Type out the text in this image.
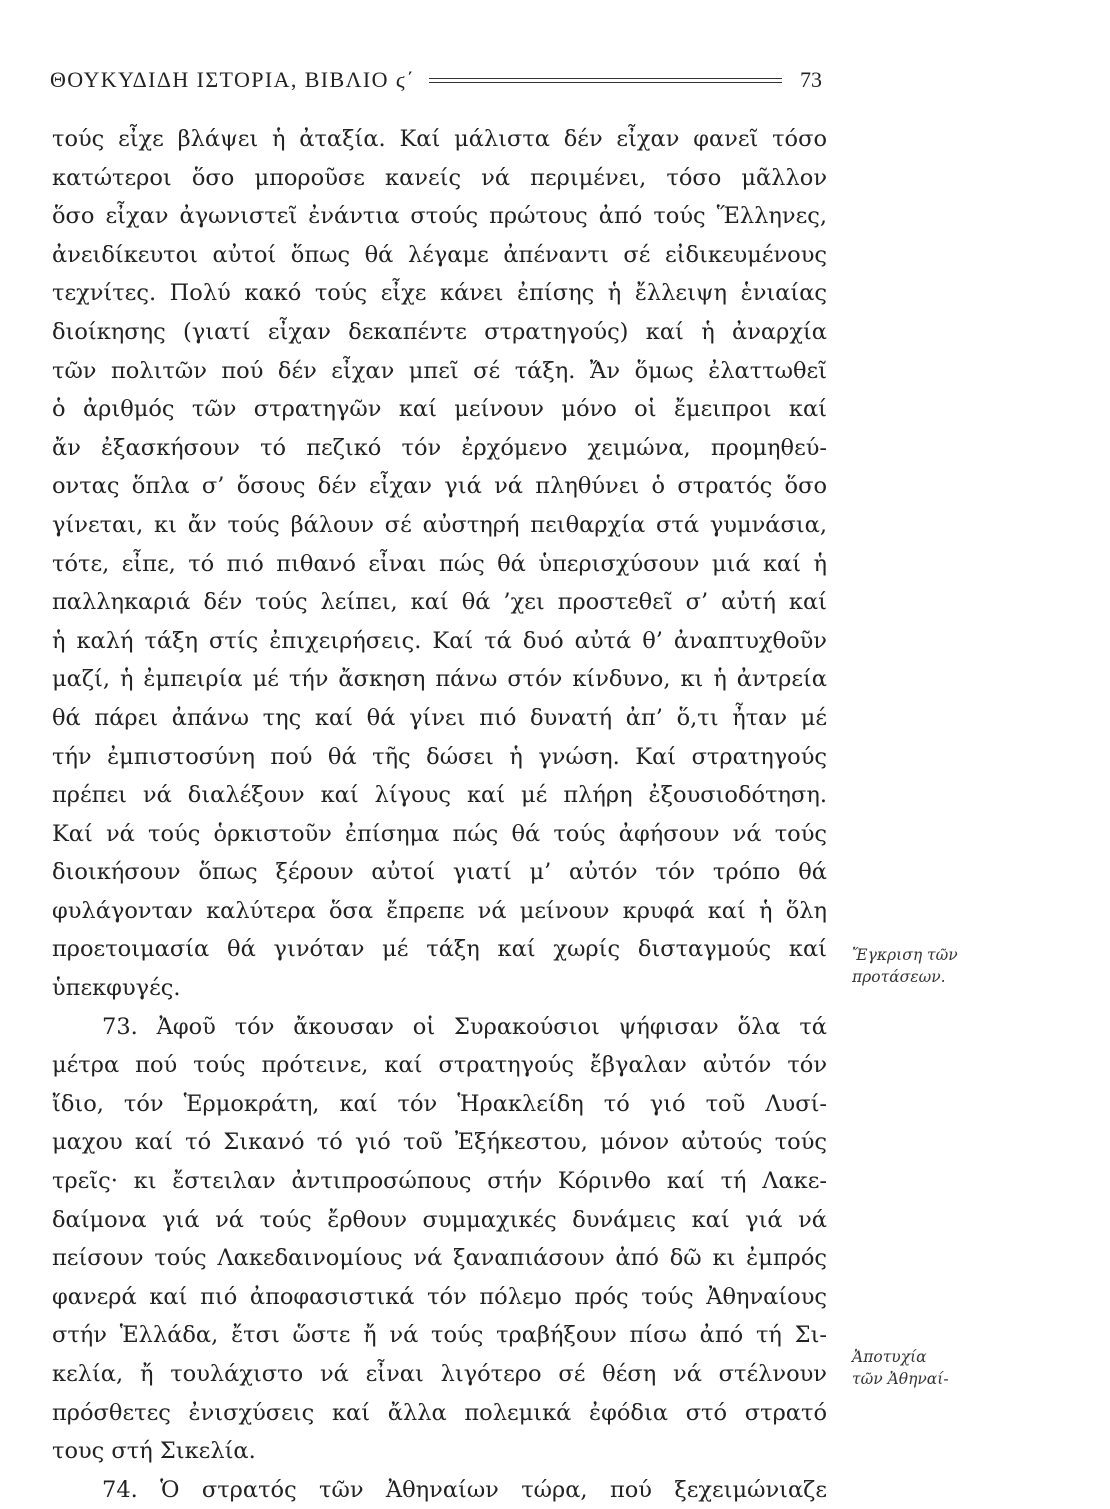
ΘΟΥΚΥΔΙΔΗ ΙΣΤΟΡΙΑ, ΒΙΒΛΙΟ ϛ΄	73
τούς εἶχε βλάψει ἡ ἀταξία. Καί μάλιστα δέν εἶχαν φανεῖ τόσο
κατώτεροι ὅσο μποροῦσε κανείς νά περιμένει, τόσο μᾶλλον
ὅσο εἶχαν ἀγωνιστεῖ ἐνάντια στούς πρώτους ἀπό τούς Ἕλληνες,
ἀνειδίκευτοι αὐτοί ὅπως θά λέγαμε ἀπέναντι σέ εἰδικευμένους
τεχνίτες. Πολύ κακό τούς εἶχε κάνει ἐπίσης ἡ ἔλλειψη ἑνιαίας
διοίκησης (γιατί εἶχαν δεκαπέντε στρατηγούς) καί ἡ ἀναρχία
τῶν πολιτῶν πού δέν εἶχαν μπεῖ σέ τάξη. Ἄν ὅμως ἐλαττωθεῖ
ὁ ἀριθμός τῶν στρατηγῶν καί μείνουν μόνο οἱ ἔμειπροι καί
ἄν ἐξασκήσουν τό πεζικό τόν ἐρχόμενο χειμώνα, προμηθεύ-
οντας ὅπλα σ’ ὅσους δέν εἶχαν γιά νά πληθύνει ὁ στρατός ὅσο
γίνεται, κι ἄν τούς βάλουν σέ αὐστηρή πειθαρχία στά γυμνάσια,
τότε, εἶπε, τό πιό πιθανό εἶναι πώς θά ὑπερισχύσουν μιά καί ἡ
παλληκαριά δέν τούς λείπει, καί θά ’χει προστεθεῖ σ’ αὐτή καί
ἡ καλή τάξη στίς ἐπιχειρήσεις. Καί τά δυό αὐτά θ’ ἀναπτυχθοῦν
μαζί, ἡ ἐμπειρία μέ τήν ἄσκηση πάνω στόν κίνδυνο, κι ἡ ἀντρεία
θά πάρει ἀπάνω της καί θά γίνει πιό δυνατή ἀπ’ ὅ,τι ἦταν μέ
τήν ἐμπιστοσύνη πού θά τῆς δώσει ἡ γνώση. Καί στρατηγούς
πρέπει νά διαλέξουν καί λίγους καί μέ πλήρη ἐξουσιοδότηση.
Καί νά τούς ὁρκιστοῦν ἐπίσημα πώς θά τούς ἀφήσουν νά τούς
διοικήσουν ὅπως ξέρουν αὐτοί γιατί μ’ αὐτόν τόν τρόπο θά
φυλάγονταν καλύτερα ὅσα ἔπρεπε νά μείνουν κρυφά καί ἡ ὅλη
προετοιμασία θά γινόταν μέ τάξη καί χωρίς δισταγμούς καί
ὑπεκφυγές.
73. Ἀφοῦ τόν ἄκουσαν οἱ Συρακούσιοι ψήφισαν ὅλα τά
μέτρα πού τούς πρότεινε, καί στρατηγούς ἔβγαλαν αὐτόν τόν
ἴδιο, τόν Ἑρμοκράτη, καί τόν Ἡρακλείδη τό γιό τοῦ Λυσί-
μαχου καί τό Σικανό τό γιό τοῦ Ἐξήκεστου, μόνον αὐτούς τούς
τρεῖς· κι ἔστειλαν ἀντιπροσώπους στήν Κόρινθο καί τή Λακε-
δαίμονα γιά νά τούς ἔρθουν συμμαχικές δυνάμεις καί γιά νά
πείσουν τούς Λακεδαινομίους νά ξαναπιάσουν ἀπό δῶ κι ἐμπρός
φανερά καί πιό ἀποφασιστικά τόν πόλεμο πρός τούς Ἀθηναίους
στήν Ἑλλάδα, ἔτσι ὥστε ἤ νά τούς τραβήξουν πίσω ἀπό τή Σι-
κελία, ἤ τουλάχιστο νά εἶναι λιγότερο σέ θέση νά στέλνουν
πρόσθετες ἐνισχύσεις καί ἄλλα πολεμικά ἐφόδια στό στρατό
τους στή Σικελία.
74. Ὁ στρατός τῶν Ἀθηναίων τώρα, πού ξεχειμώνιαζε
Ἔγκριση τῶν
προτάσεων.
Ἀποτυχία
τῶν Ἀθηναί-
